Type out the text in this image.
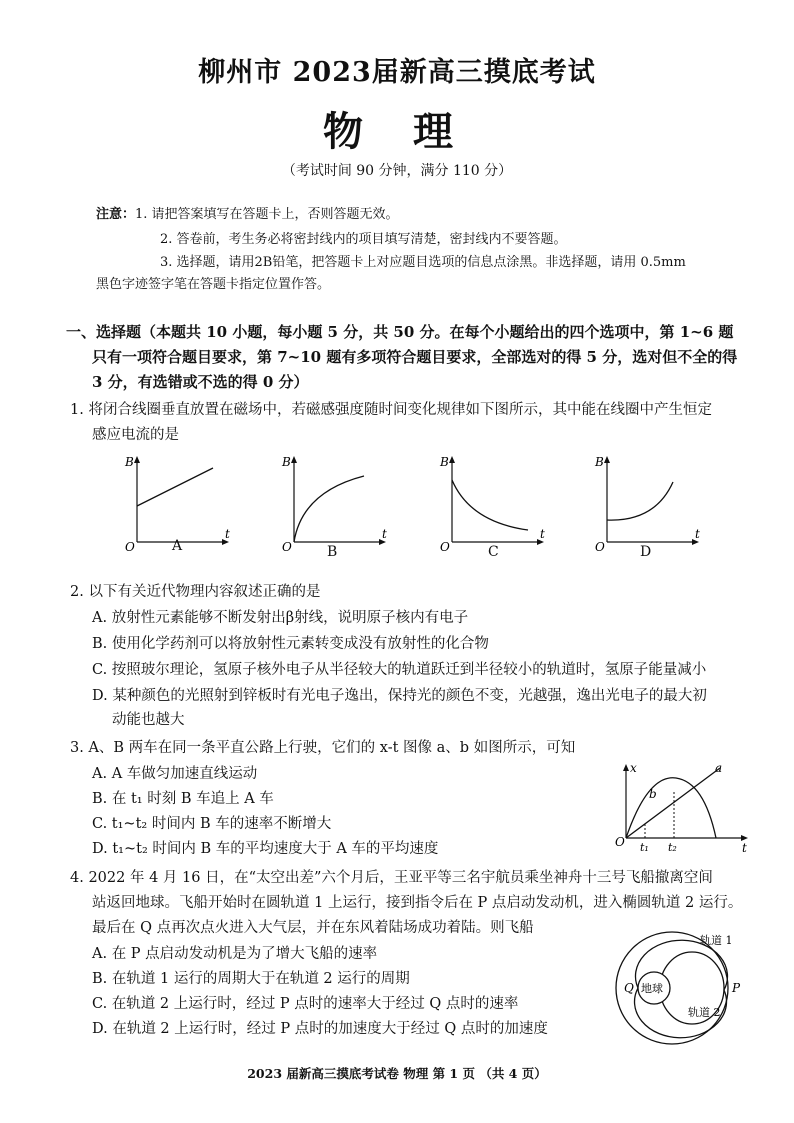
柳州市 2023届新高三摸底考试
物 理
（考试时间 90 分钟，满分 110 分）
注意：1. 请把答案填写在答题卡上，否则答题无效。
2. 答卷前，考生务必将密封线内的项目填写清楚，密封线内不要答题。
3. 选择题，请用2B铅笔，把答题卡上对应题目选项的信息点涂黑。非选择题，请用 0.5mm
黑色字迹签字笔在答题卡指定位置作答。
一、选择题（本题共 10 小题，每小题 5 分，共 50 分。在每个小题给出的四个选项中，第 1~6 题
只有一项符合题目要求，第 7~10 题有多项符合题目要求，全部选对的得 5 分，选对但不全的得
3 分，有选错或不选的得 0 分）
1. 将闭合线圈垂直放置在磁场中，若磁感强度随时间变化规律如下图所示，其中能在线圈中产生恒定
感应电流的是
B
t
O	A
B
t
O	B
B
t
O	C
B
t
O	D
2. 以下有关近代物理内容叙述正确的是
A. 放射性元素能够不断发射出β射线，说明原子核内有电子
B. 使用化学药剂可以将放射性元素转变成没有放射性的化合物
C. 按照玻尔理论，氢原子核外电子从半径较大的轨道跃迁到半径较小的轨道时，氢原子能量减小
D. 某种颜色的光照射到锌板时有光电子逸出，保持光的颜色不变，光越强，逸出光电子的最大初
动能也越大
3. A、B 两车在同一条平直公路上行驶，它们的 x-t 图像 a、b 如图所示，可知
A. A 车做匀加速直线运动
B. 在 t₁ 时刻 B 车追上 A 车
C. t₁~t₂ 时间内 B 车的速率不断增大
D. t₁~t₂ 时间内 B 车的平均速度大于 A 车的平均速度
x	a
b
O t₁ t₂	t
4. 2022 年 4 月 16 日，在“太空出差”六个月后，王亚平等三名宇航员乘坐神舟十三号飞船撤离空间
站返回地球。飞船开始时在圆轨道 1 上运行，接到指令后在 P 点启动发动机，进入椭圆轨道 2 运行。
最后在 Q 点再次点火进入大气层，并在东风着陆场成功着陆。则飞船
A. 在 P 点启动发动机是为了增大飞船的速率
B. 在轨道 1 运行的周期大于在轨道 2 运行的周期
C. 在轨道 2 上运行时，经过 P 点时的速率大于经过 Q 点时的速率
D. 在轨道 2 上运行时，经过 P 点时的加速度大于经过 Q 点时的加速度
地球
轨道 1
轨道 2
P
Q
2023 届新高三摸底考试卷 物理 第 1 页 （共 4 页）
